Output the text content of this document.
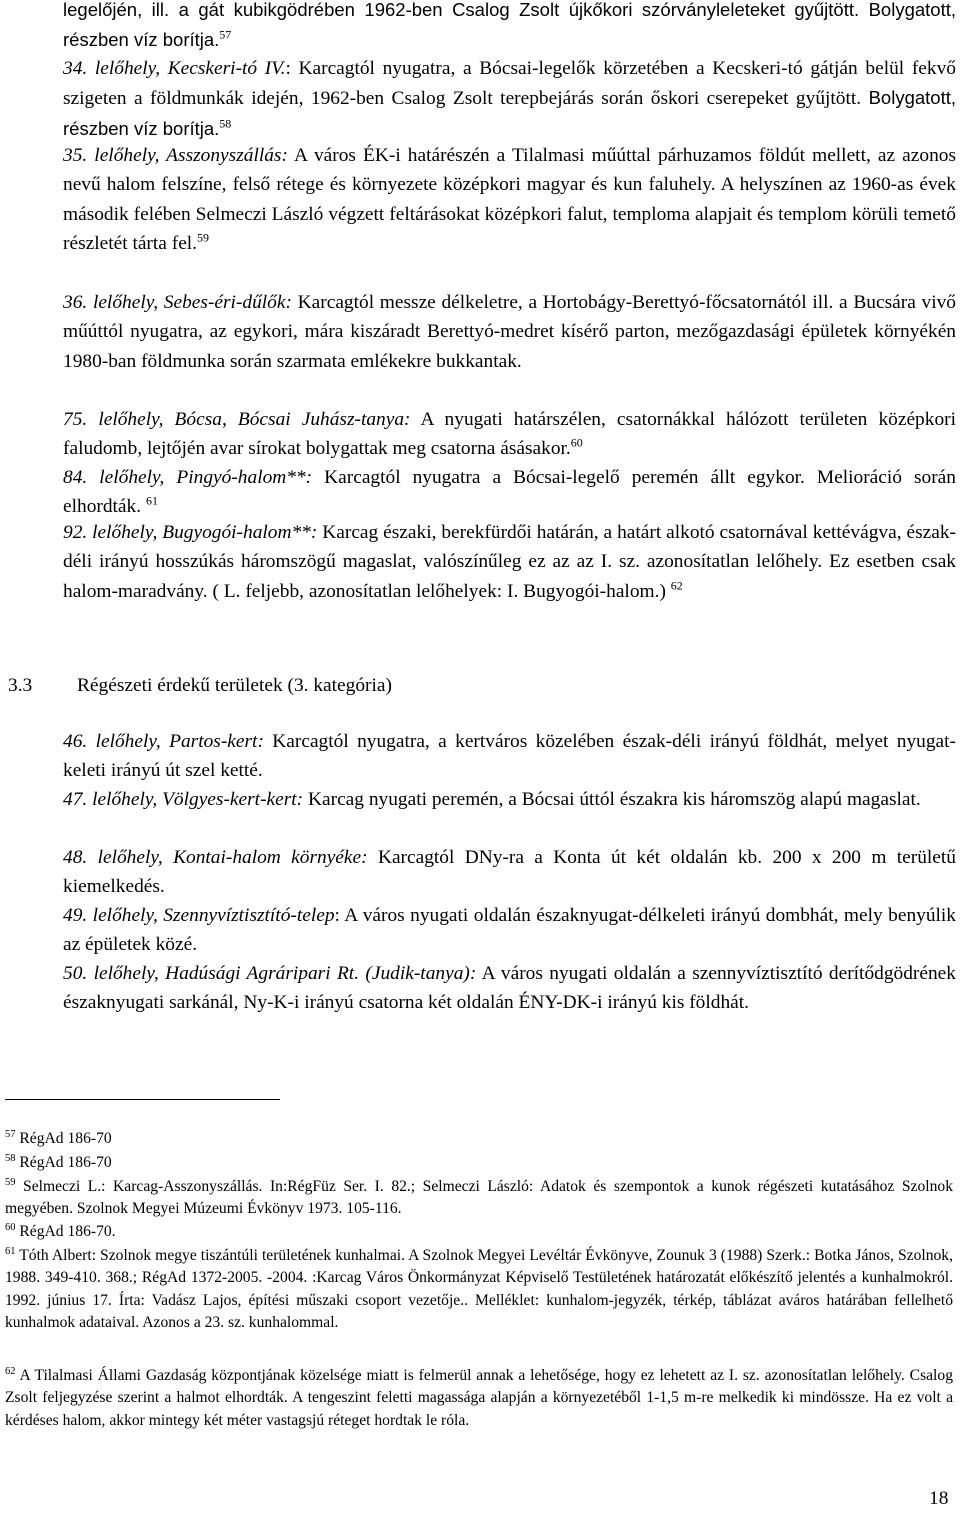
legelőjén, ill. a gát kubikgödrében 1962-ben Csalog Zsolt újkőkori szórványleleteket gyűjtött. Bolygatott, részben víz borítja.$^{57}$

34. lelőhely, Kecskeri-tó IV.: Karcagtól nyugatra, a Bócsai-legelők körzetében a Kecskeri-tó gátján belül fekvő szigeten a földmunkák idején, 1962-ben Csalog Zsolt terepbejárás során őskori cserepeket gyűjtött. Bolygatott, részben víz borítja.$^{58}$

35. lelőhely, Asszonyszállás: A város ÉK-i határészén a Tilalmasi műúttal párhuzamos földút mellett, az azonos nevű halom felszíne, felső rétege és környezete középkori magyar és kun faluhely. A helyszínen az 1960-as évek második felében Selmeczi László végzett feltárásokat középkori falut, temploma alapjait és templom körüli temető részletét tárta fel.$^{59}$

36. lelőhely, Sebes-éri-dűlők: Karcagtól messze délkeletre, a Hortobágy-Berettyó-főcsatornától ill. a Bucsára vivő műúttól nyugatra, az egykori, mára kiszáradt Berettyó-medret kísérő parton, mezőgazdasági épületek környékén 1980-ban földmunka során szarmata emlékekre bukkantak.

75. lelőhely, Bócsa, Bócsai Juhász-tanya: A nyugati határszélen, csatornákkal hálózott területen középkori faludomb, lejtőjén avar sírokat bolygattak meg csatorna ásásakor.$^{60}$

84. lelőhely, Pingyó-halom**: Karcagtól nyugatra a Bócsai-legelő peremén állt egykor. Melioráció során elhordták. $^{61}$

92. lelőhely, Bugyogói-halom**: Karcag északi, berekfürdői határán, a határt alkotó csatornával kettévágva, észak-déli irányú hosszúkás háromszögű magaslat, valószínűleg ez az az I. sz. azonosítatlan lelőhely. Ez esetben csak halom-maradvány. ( L. feljebb, azonosítatlan lelőhelyek: I. Bugyogói-halom.) $^{62}$

3.3 Régészeti érdekű területek (3. kategória)

46. lelőhely, Partos-kert: Karcagtól nyugatra, a kertváros közelében észak-déli irányú földhát, melyet nyugat-keleti irányú út szel ketté.

47. lelőhely, Völgyes-kert-kert: Karcag nyugati peremén, a Bócsai úttól északra kis háromszög alapú magaslat.

48. lelőhely, Kontai-halom környéke: Karcagtól DNy-ra a Konta út két oldalán kb. 200 x 200 m területű kiemelkedés.

49. lelőhely, Szennyvíztisztító-telep: A város nyugati oldalán északnyugat-délkeleti irányú dombhát, mely benyúlik az épületek közé.

50. lelőhely, Hadúsági Agráripari Rt. (Judik-tanya): A város nyugati oldalán a szennyvíztisztító derítődgödrének északnyugati sarkánál, Ny-K-i irányú csatorna két oldalán ÉNY-DK-i irányú kis földhát.

$^{57}$ RégAd 186-70

$^{58}$ RégAd 186-70

$^{59}$ Selmeczi L.: Karcag-Asszonyszállás. In:RégFüz Ser. I. 82.; Selmeczi László: Adatok és szempontok a kunok régészeti kutatásához Szolnok megyében. Szolnok Megyei Múzeumi Évkönyv 1973. 105-116.

$^{60}$ RégAd 186-70.

$^{61}$ Tóth Albert: Szolnok megye tiszántúli területének kunhalmai. A Szolnok Megyei Levéltár Évkönyve, Zounuk 3 (1988) Szerk.: Botka János, Szolnok, 1988. 349-410. 368.; RégAd 1372-2005. -2004. :Karcag Város Önkormányzat Képviselő Testületének határozatát előkészítő jelentés a kunhalmokról. 1992. június 17. Írta: Vadász Lajos, építési műszaki csoport vezetője.. Melléklet: kunhalom-jegyzék, térkép, táblázat aváros határában fellelhető kunhalmok adataival. Azonos a 23. sz. kunhalommal.

$^{62}$ A Tilalmasi Állami Gazdaság központjának közelsége miatt is felmerül annak a lehetősége, hogy ez lehetett az I. sz. azonosítatlan lelőhely. Csalog Zsolt feljegyzése szerint a halmot elhordták. A tengeszint feletti magassága alapján a környezetéből 1-1,5 m-re melkedik ki mindössze. Ha ez volt a kérdéses halom, akkor mintegy két méter vastagsjú réteget hordtak le róla.

18
